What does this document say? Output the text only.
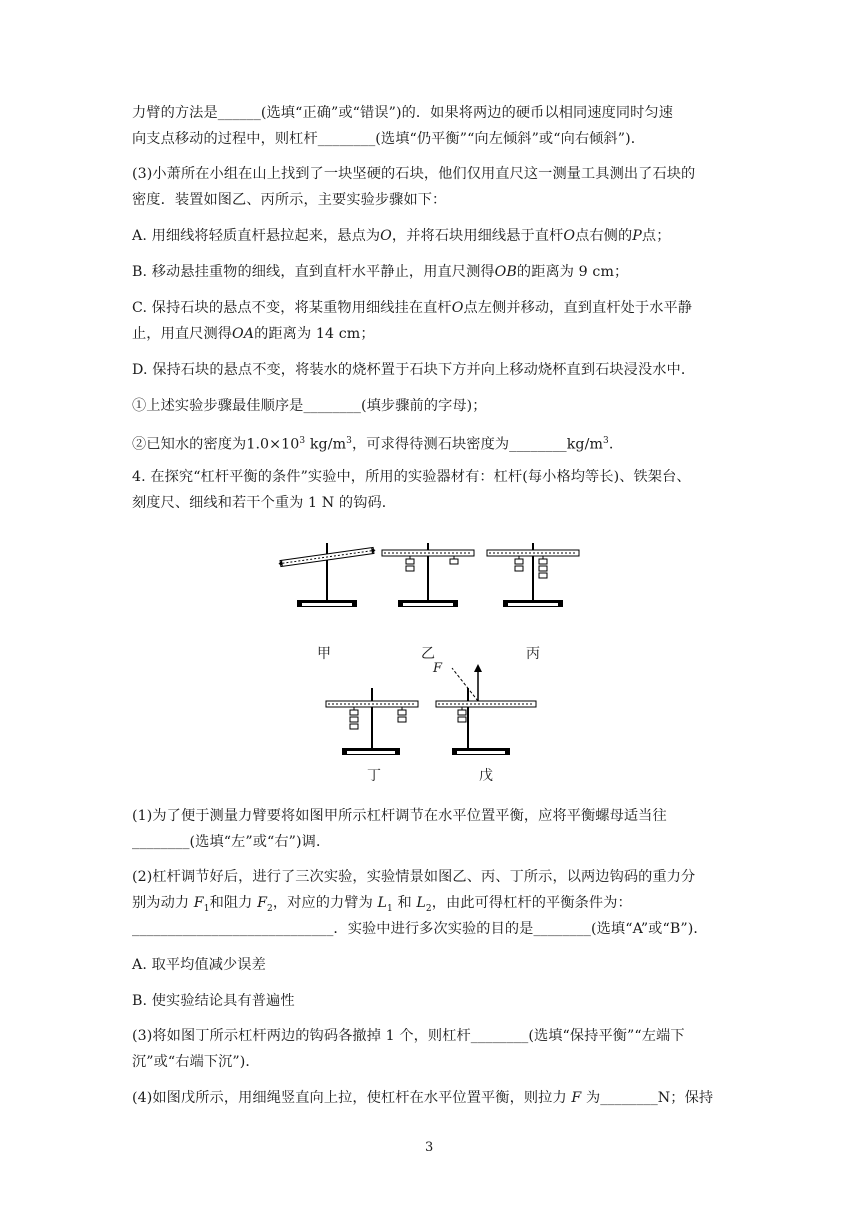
力臂的方法是______(选填“正确”或“错误”)的．如果将两边的硬币以相同速度同时匀速
向支点移动的过程中，则杠杆________(选填“仍平衡”“向左倾斜”或“向右倾斜”)．
(3)小萧所在小组在山上找到了一块坚硬的石块，他们仅用直尺这一测量工具测出了石块的
密度．装置如图乙、丙所示，主要实验步骤如下：
A. 用细线将轻质直杆悬拉起来，悬点为O，并将石块用细线悬于直杆O点右侧的P点；
B. 移动悬挂重物的细线，直到直杆水平静止，用直尺测得OB的距离为 9 cm；
C. 保持石块的悬点不变，将某重物用细线挂在直杆O点左侧并移动，直到直杆处于水平静
止，用直尺测得OA的距离为 14 cm；
D. 保持石块的悬点不变，将装水的烧杯置于石块下方并向上移动烧杯直到石块浸没水中．
①上述实验步骤最佳顺序是________(填步骤前的字母)；
②已知水的密度为$1.0\times 10^3$ $kg/m^3$，可求得待测石块密度为$\_\_\_\_\_\_\_\_kg/m^3$.
4. 在探究“杠杆平衡的条件”实验中，所用的实验器材有：杠杆(每小格均等长)、铁架台、
刻度尺、细线和若干个重为 1 N 的钩码．
甲	乙	丙
F
丁	戊
(1)为了便于测量力臂要将如图甲所示杠杆调节在水平位置平衡，应将平衡螺母适当往
________(选填“左”或“右”)调．
(2)杠杆调节好后，进行了三次实验，实验情景如图乙、丙、丁所示，以两边钩码的重力分
别为动力 $F_1$和阻力 $F_2$，对应的力臂为 $L_1$ 和 $L_2$，由此可得杠杆的平衡条件为：
____________________________．实验中进行多次实验的目的是________(选填“A”或“B”)．
A. 取平均值减少误差
B. 使实验结论具有普遍性
(3)将如图丁所示杠杆两边的钩码各撤掉 1 个，则杠杆________(选填“保持平衡”“左端下
沉”或“右端下沉”)．
(4)如图戊所示，用细绳竖直向上拉，使杠杆在水平位置平衡，则拉力 F 为________N；保持
3
